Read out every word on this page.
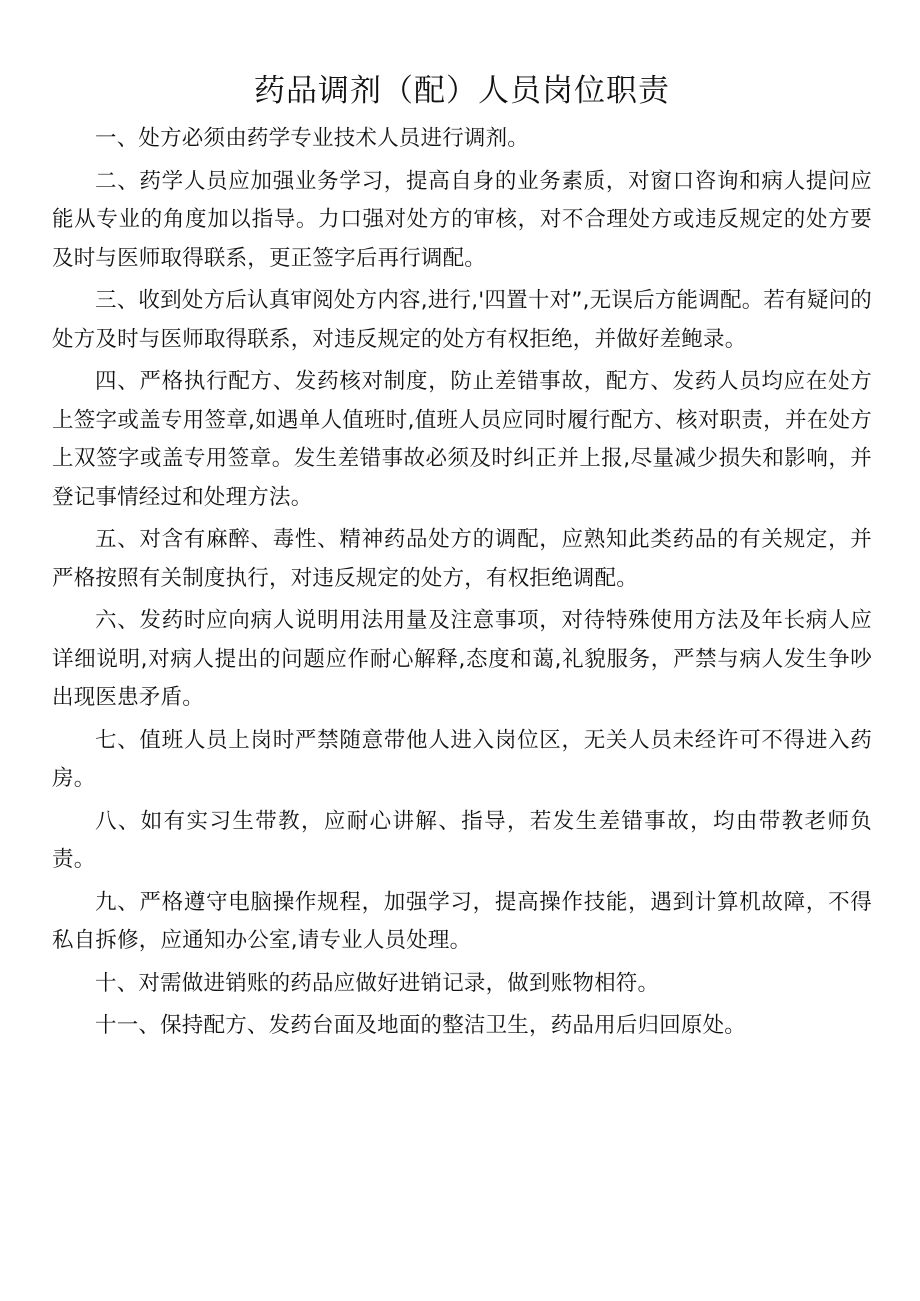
药品调剂（配）人员岗位职责

一、处方必须由药学专业技术人员进行调剂。

二、药学人员应加强业务学习，提高自身的业务素质，对窗口咨询和病人提问应能从专业的角度加以指导。力口强对处方的审核，对不合理处方或违反规定的处方要及时与医师取得联系，更正签字后再行调配。

三、收到处方后认真审阅处方内容,进行,'四置十对”,无误后方能调配。若有疑问的处方及时与医师取得联系，对违反规定的处方有权拒绝，并做好差鲍录。

四、严格执行配方、发药核对制度，防止差错事故，配方、发药人员均应在处方上签字或盖专用签章,如遇单人值班时,值班人员应同时履行配方、核对职责，并在处方上双签字或盖专用签章。发生差错事故必须及时纠正并上报,尽量减少损失和影响，并登记事情经过和处理方法。

五、对含有麻醉、毒性、精神药品处方的调配，应熟知此类药品的有关规定，并严格按照有关制度执行，对违反规定的处方，有权拒绝调配。

六、发药时应向病人说明用法用量及注意事项，对待特殊使用方法及年长病人应详细说明,对病人提出的问题应作耐心解释,态度和蔼,礼貌服务，严禁与病人发生争吵出现医患矛盾。

七、值班人员上岗时严禁随意带他人进入岗位区，无关人员未经许可不得进入药房。

八、如有实习生带教，应耐心讲解、指导，若发生差错事故，均由带教老师负责。

九、严格遵守电脑操作规程，加强学习，提高操作技能，遇到计算机故障，不得私自拆修，应通知办公室,请专业人员处理。

十、对需做进销账的药品应做好进销记录，做到账物相符。

十一、保持配方、发药台面及地面的整洁卫生，药品用后归回原处。
